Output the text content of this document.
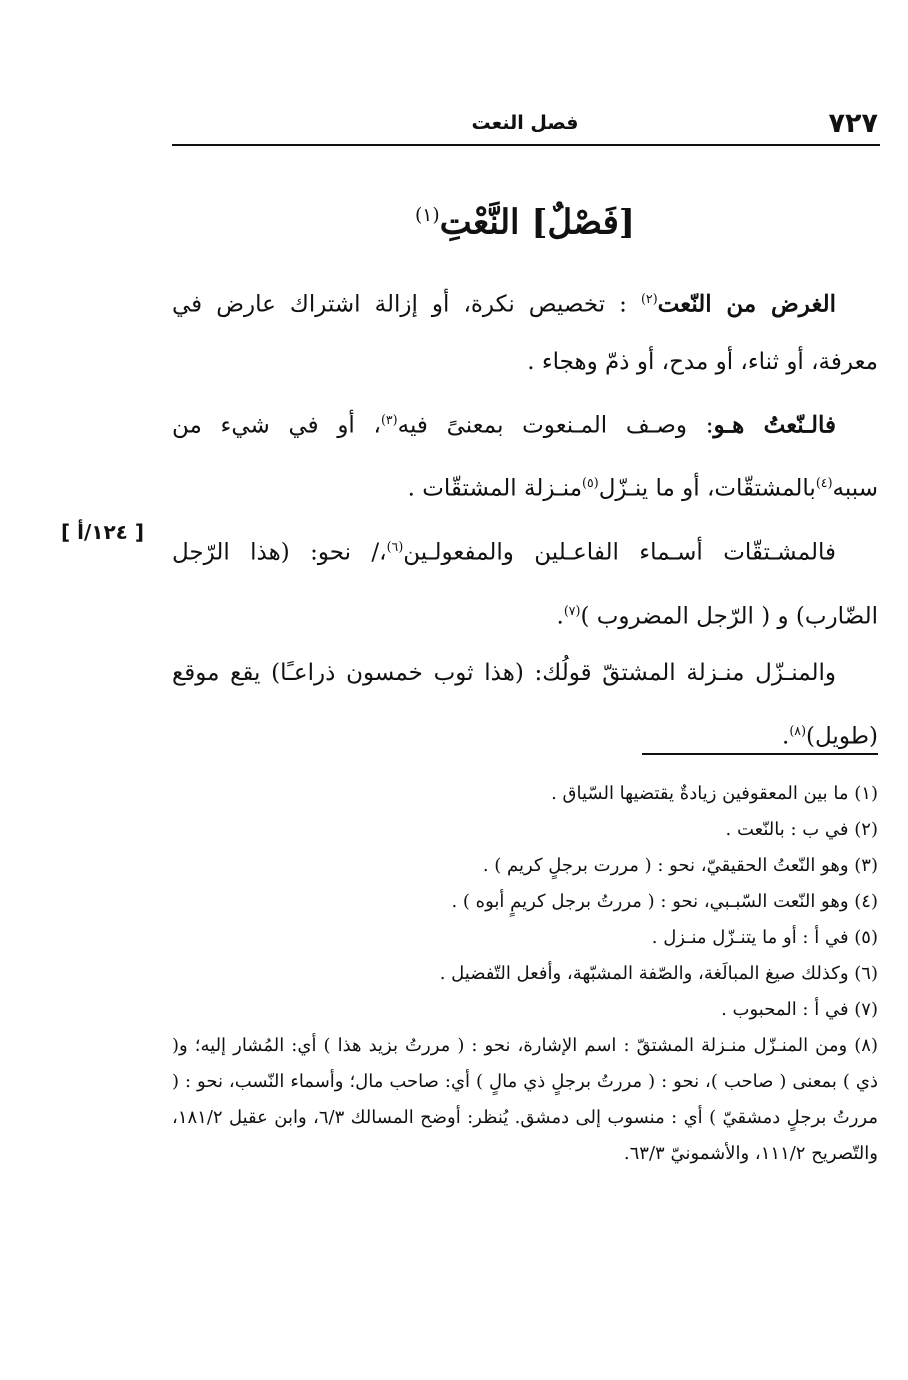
٧٢٧
فصل النعت
[فَصْلٌ] النَّعْتِ$^{(١)}$

الغرض من النّعت$^{(٢)}$ : تخصيص نكرة، أو إزالة اشتراك عارض في معرفة، أو ثناء، أو مدح، أو ذمّ وهجاء .

فالـنّعتُ هـو: وصـف المـنعوت بمعنىً فيه$^{(٣)}$، أو في شيء من سببه$^{(٤)}$بالمشتقّات، أو ما ينـزّل$^{(٥)}$منـزلة المشتقّات .

فالمشـتقّات أسـماء الفاعـلين والمفعولـين$^{(٦)}$،/ نحو: (هذا الرّجل الضّارب) و ( الرّجل المضروب )$^{(٧)}$.

والمنـزّل منـزلة المشتقّ قولُك: (هذا ثوب خمسون ذراعـًا) يقع موقع (طويل)$^{(٨)}$.

[ ١٢٤/أ ]

(١) ما بين المعقوفين زيادةٌ يقتضيها السّياق .

(٢) في ب : بالنّعت .

(٣) وهو النّعتُ الحقيقيّ، نحو : ( مررت برجلٍ كريم ) .

(٤) وهو النّعت السّبـبي، نحو : ( مررتُ برجل كريمٍ أبوه ) .

(٥) في أ : أو ما يتنـزّل منـزل .

(٦) وكذلك صيغ المبالَغة، والصّفة المشبّهة، وأفعل التّفضيل .

(٧) في أ : المحبوب .

(٨) ومن المنـزّل منـزلة المشتقّ : اسم الإشارة، نحو : ( مررتُ بزيد هذا ) أي: المُشار إليه؛ و( ذي ) بمعنى ( صاحب )، نحو : ( مررتُ برجلٍ ذي مالٍ ) أي: صاحب مال؛ وأسماء النّسب، نحو : ( مررتُ برجلٍ دمشقيّ ) أي : منسوب إلى دمشق. يُنظر: أوضح المسالك ٦/٣، وابن عقيل ١٨١/٢، والتّصريح ١١١/٢، والأشمونيّ ٦٣/٣.
